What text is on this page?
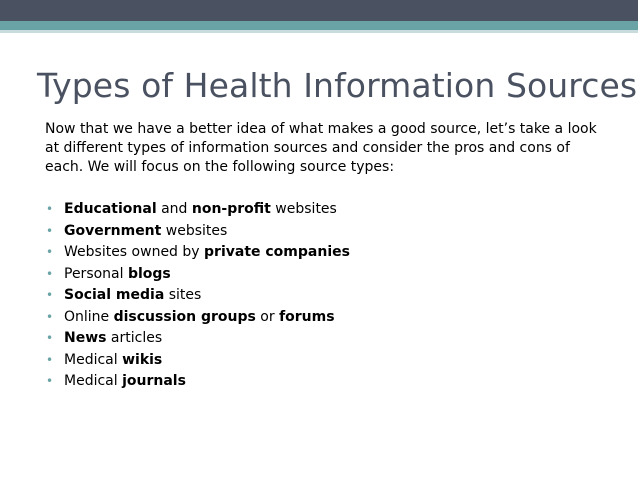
Types of Health Information Sources

Now that we have a better idea of what makes a good source, let’s take a look at different types of information sources and consider the pros and cons of each. We will focus on the following source types:

• Educational and non-profit websites
• Government websites
• Websites owned by private companies
• Personal blogs
• Social media sites
• Online discussion groups or forums
• News articles
• Medical wikis
• Medical journals
